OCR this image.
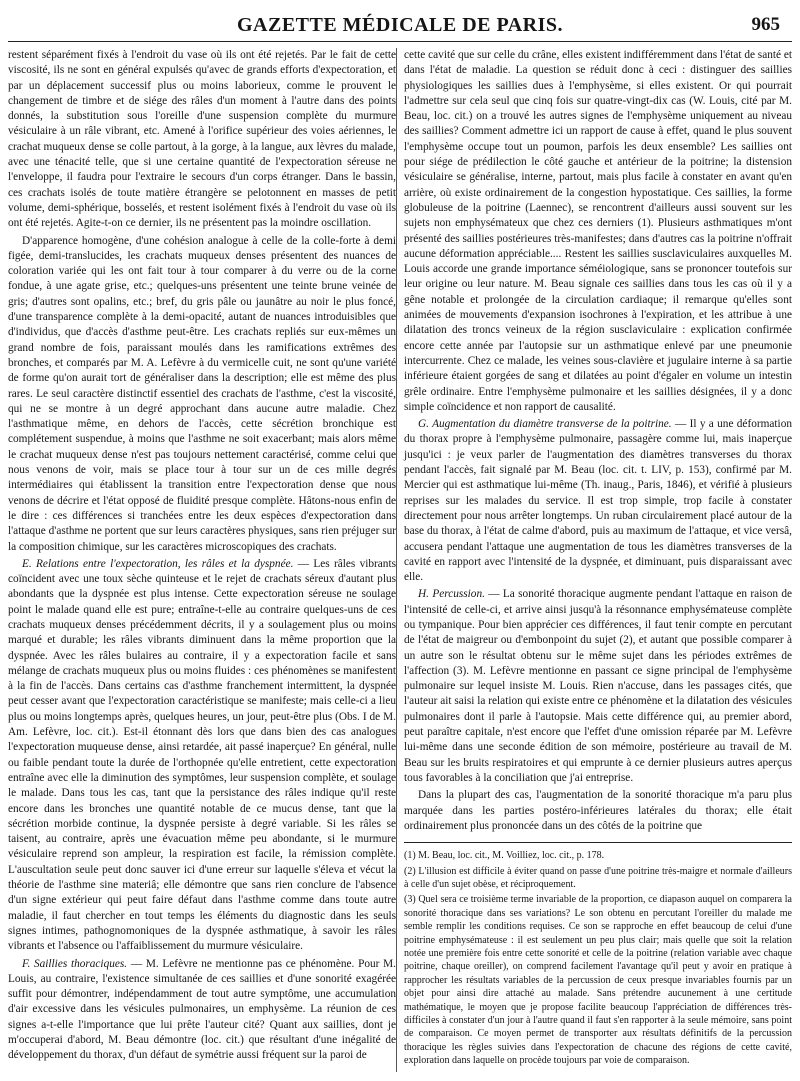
GAZETTE MÉDICALE DE PARIS.	965

restent séparément fixés à l'endroit du vase où ils ont été rejetés. Par le fait de cette viscosité, ils ne sont en général expulsés qu'avec de grands efforts d'expectoration, et par un déplacement successif plus ou moins laborieux, comme le prouvent le changement de timbre et de siége des râles d'un moment à l'autre dans des points donnés, la substitution sous l'oreille d'une suspension complète du murmure vésiculaire à un râle vibrant, etc. Amené à l'orifice supérieur des voies aériennes, le crachat muqueux dense se colle partout, à la gorge, à la langue, aux lèvres du malade, avec une ténacité telle, que si une certaine quantité de l'expectoration séreuse ne l'enveloppe, il faudra pour l'extraire le secours d'un corps étranger. Dans le bassin, ces crachats isolés de toute matière étrangère se pelotonnent en masses de petit volume, demi-sphérique, bosselés, et restent isolément fixés à l'endroit du vase où ils ont été rejetés. Agite-t-on ce dernier, ils ne présentent pas la moindre oscillation.

D'apparence homogène, d'une cohésion analogue à celle de la colle-forte à demi figée, demi-translucides, les crachats muqueux denses présentent des nuances de coloration variée qui les ont fait tour à tour comparer à du verre ou de la corne fondue, à une agate grise, etc.; quelques-uns présentent une teinte brune veinée de gris; d'autres sont opalins, etc.; bref, du gris pâle ou jaunâtre au noir le plus foncé, d'une transparence complète à la demi-opacité, autant de nuances introduisibles que d'individus, que d'accès d'asthme peut-être. Les crachats repliés sur eux-mêmes un grand nombre de fois, paraissant moulés dans les ramifications extrêmes des bronches, et comparés par M. A. Lefèvre à du vermicelle cuit, ne sont qu'une variété de forme qu'on aurait tort de généraliser dans la description; elle est même des plus rares. Le seul caractère distinctif essentiel des crachats de l'asthme, c'est la viscosité, qui ne se montre à un degré approchant dans aucune autre maladie. Chez l'asthmatique même, en dehors de l'accès, cette sécrétion bronchique est complétement suspendue, à moins que l'asthme ne soit exacerbant; mais alors même le crachat muqueux dense n'est pas toujours nettement caractérisé, comme celui que nous venons de voir, mais se place tour à tour sur un de ces mille degrés intermédiaires qui établissent la transition entre l'expectoration dense que nous venons de décrire et l'état opposé de fluidité presque complète. Hâtons-nous enfin de le dire : ces différences si tranchées entre les deux espèces d'expectoration dans l'attaque d'asthme ne portent que sur leurs caractères physiques, sans rien préjuger sur la composition chimique, sur les caractères microscopiques des crachats.

E. Relations entre l'expectoration, les râles et la dyspnée. — Les râles vibrants coïncident avec une toux sèche quinteuse et le rejet de crachats séreux d'autant plus abondants que la dyspnée est plus intense. Cette expectoration séreuse ne soulage point le malade quand elle est pure; entraîne-t-elle au contraire quelques-uns de ces crachats muqueux denses précédemment décrits, il y a soulagement plus ou moins marqué et durable; les râles vibrants diminuent dans la même proportion que la dyspnée. Avec les râles bulaires au contraire, il y a expectoration facile et sans mélange de crachats muqueux plus ou moins fluides : ces phénomènes se manifestent à la fin de l'accès. Dans certains cas d'asthme franchement intermittent, la dyspnée peut cesser avant que l'expectoration caractéristique se manifeste; mais celle-ci a lieu plus ou moins longtemps après, quelques heures, un jour, peut-être plus (Obs. I de M. Am. Lefèvre, loc. cit.). Est-il étonnant dès lors que dans bien des cas analogues l'expectoration muqueuse dense, ainsi retardée, ait passé inaperçue? En général, nulle ou faible pendant toute la durée de l'orthopnée qu'elle entretient, cette expectoration entraîne avec elle la diminution des symptômes, leur suspension complète, et soulage le malade. Dans tous les cas, tant que la persistance des râles indique qu'il reste encore dans les bronches une quantité notable de ce mucus dense, tant que la sécrétion morbide continue, la dyspnée persiste à degré variable. Si les râles se taisent, au contraire, après une évacuation même peu abondante, si le murmure vésiculaire reprend son ampleur, la respiration est facile, la rémission complète. L'auscultation seule peut donc sauver ici d'une erreur sur laquelle s'éleva et vécut la théorie de l'asthme sine materiâ; elle démontre que sans rien conclure de l'absence d'un signe extérieur qui peut faire défaut dans l'asthme comme dans toute autre maladie, il faut chercher en tout temps les éléments du diagnostic dans les seuls signes intimes, pathognomoniques de la dyspnée asthmatique, à savoir les râles vibrants et l'absence ou l'affaiblissement du murmure vésiculaire.

F. Saillies thoraciques. — M. Lefèvre ne mentionne pas ce phénomène. Pour M. Louis, au contraire, l'existence simultanée de ces saillies et d'une sonorité exagérée suffit pour démontrer, indépendamment de tout autre symptôme, une accumulation d'air excessive dans les vésicules pulmonaires, un emphysème. La réunion de ces signes a-t-elle l'importance que lui prête l'auteur cité? Quant aux saillies, dont je m'occuperai d'abord, M. Beau démontre (loc. cit.) que résultant d'une inégalité de développement du thorax, d'un défaut de symétrie aussi fréquent sur la paroi de

cette cavité que sur celle du crâne, elles existent indifféremment dans l'état de santé et dans l'état de maladie. La question se réduit donc à ceci : distinguer des saillies physiologiques les saillies dues à l'emphysème, si elles existent. Or qui pourrait l'admettre sur cela seul que cinq fois sur quatre-vingt-dix cas (W. Louis, cité par M. Beau, loc. cit.) on a trouvé les autres signes de l'emphysème uniquement au niveau des saillies? Comment admettre ici un rapport de cause à effet, quand le plus souvent l'emphysème occupe tout un poumon, parfois les deux ensemble? Les saillies ont pour siége de prédilection le côté gauche et antérieur de la poitrine; la distension vésiculaire se généralise, interne, partout, mais plus facile à constater en avant qu'en arrière, où existe ordinairement de la congestion hypostatique. Ces saillies, la forme globuleuse de la poitrine (Laennec), se rencontrent d'ailleurs aussi souvent sur les sujets non emphysémateux que chez ces derniers (1). Plusieurs asthmatiques m'ont présenté des saillies postérieures très-manifestes; dans d'autres cas la poitrine n'offrait aucune déformation appréciable.... Restent les saillies susclaviculaires auxquelles M. Louis accorde une grande importance séméiologique, sans se prononcer toutefois sur leur origine ou leur nature. M. Beau signale ces saillies dans tous les cas où il y a gêne notable et prolongée de la circulation cardiaque; il remarque qu'elles sont animées de mouvements d'expansion isochrones à l'expiration, et les attribue à une dilatation des troncs veineux de la région susclaviculaire : explication confirmée encore cette année par l'autopsie sur un asthmatique enlevé par une pneumonie intercurrente. Chez ce malade, les veines sous-clavière et jugulaire interne à sa partie inférieure étaient gorgées de sang et dilatées au point d'égaler en volume un intestin grêle ordinaire. Entre l'emphysème pulmonaire et les saillies désignées, il y a donc simple coïncidence et non rapport de causalité.

G. Augmentation du diamètre transverse de la poitrine. — Il y a une déformation du thorax propre à l'emphysème pulmonaire, passagère comme lui, mais inaperçue jusqu'ici : je veux parler de l'augmentation des diamètres transverses du thorax pendant l'accès, fait signalé par M. Beau (loc. cit. t. LIV, p. 153), confirmé par M. Mercier qui est asthmatique lui-même (Th. inaug., Paris, 1846), et vérifié à plusieurs reprises sur les malades du service. Il est trop simple, trop facile à constater directement pour nous arrêter longtemps. Un ruban circulairement placé autour de la base du thorax, à l'état de calme d'abord, puis au maximum de l'attaque, et vice versâ, accusera pendant l'attaque une augmentation de tous les diamètres transverses de la cavité en rapport avec l'intensité de la dyspnée, et diminuant, puis disparaissant avec elle.

H. Percussion. — La sonorité thoracique augmente pendant l'attaque en raison de l'intensité de celle-ci, et arrive ainsi jusqu'à la résonnance emphysémateuse complète ou tympanique. Pour bien apprécier ces différences, il faut tenir compte en percutant de l'état de maigreur ou d'embonpoint du sujet (2), et autant que possible comparer à un autre son le résultat obtenu sur le même sujet dans les périodes extrêmes de l'affection (3). M. Lefèvre mentionne en passant ce signe principal de l'emphysème pulmonaire sur lequel insiste M. Louis. Rien n'accuse, dans les passages cités, que l'auteur ait saisi la relation qui existe entre ce phénomène et la dilatation des vésicules pulmonaires dont il parle à l'autopsie. Mais cette différence qui, au premier abord, peut paraître capitale, n'est encore que l'effet d'une omission réparée par M. Lefèvre lui-même dans une seconde édition de son mémoire, postérieure au travail de M. Beau sur les bruits respiratoires et qui emprunte à ce dernier plusieurs autres aperçus tous favorables à la conciliation que j'ai entreprise.

Dans la plupart des cas, l'augmentation de la sonorité thoracique m'a paru plus marquée dans les parties postéro-inférieures latérales du thorax; elle était ordinairement plus prononcée dans un des côtés de la poitrine que

(1) M. Beau, loc. cit., M. Voilliez, loc. cit., p. 178.

(2) L'illusion est difficile à éviter quand on passe d'une poitrine très-maigre et normale d'ailleurs à celle d'un sujet obèse, et réciproquement.

(3) Quel sera ce troisième terme invariable de la proportion, ce diapason auquel on comparera la sonorité thoracique dans ses variations? Le son obtenu en percutant l'oreiller du malade me semble remplir les conditions requises. Ce son se rapproche en effet beaucoup de celui d'une poitrine emphysémateuse : il est seulement un peu plus clair; mais quelle que soit la relation notée une première fois entre cette sonorité et celle de la poitrine (relation variable avec chaque poitrine, chaque oreiller), on comprend facilement l'avantage qu'il peut y avoir en pratique à rapprocher les résultats variables de la percussion de ceux presque invariables fournis par un objet pour ainsi dire attaché au malade. Sans prétendre aucunement à une certitude mathématique, le moyen que je propose facilite beaucoup l'appréciation de différences très-difficiles à constater d'un jour à l'autre quand il faut s'en rapporter à la seule mémoire, sans point de comparaison. Ce moyen permet de transporter aux résultats définitifs de la percussion thoracique les règles suivies dans l'expectoration de chacune des régions de cette cavité, exploration dans laquelle on procède toujours par voie de comparaison.
